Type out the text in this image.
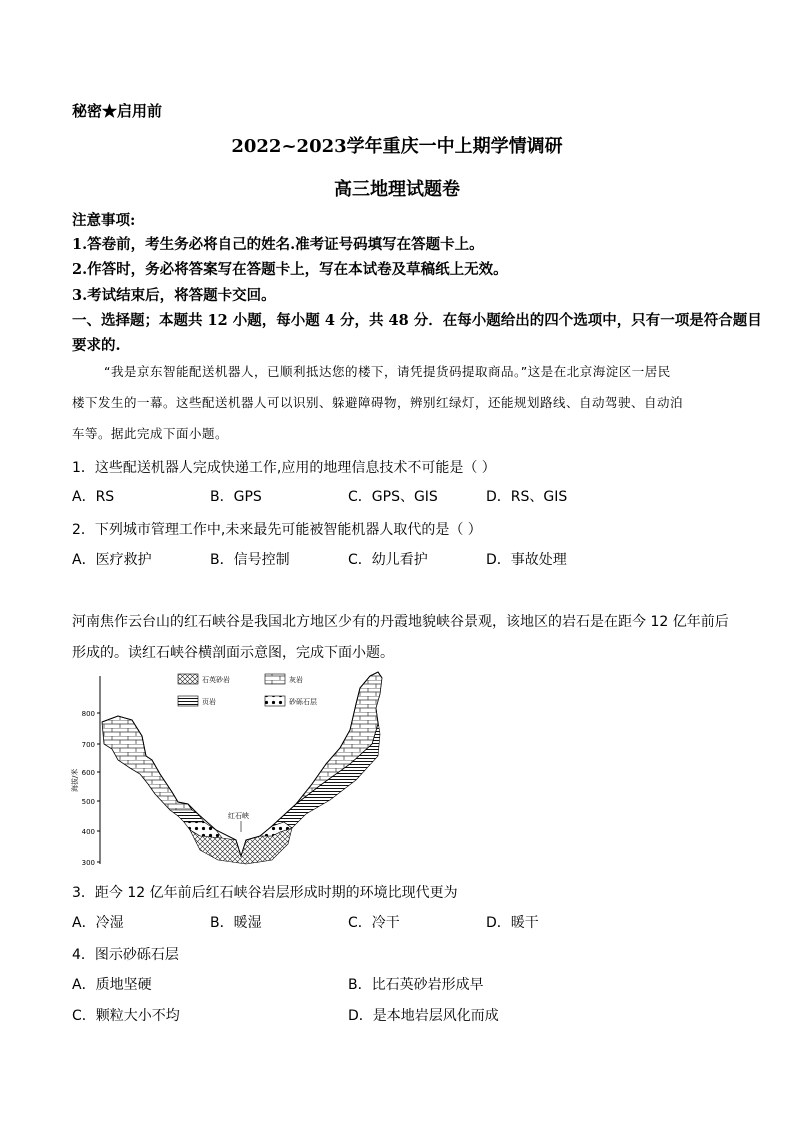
秘密★启用前
2022~2023学年重庆一中上期学情调研
高三地理试题卷
注意事项:
1.答卷前，考生务必将自己的姓名.准考证号码填写在答题卡上。
2.作答时，务必将答案写在答题卡上，写在本试卷及草稿纸上无效。
3.考试结束后，将答题卡交回。
一、选择题；本题共 12 小题，每小题 4 分，共 48 分．在每小题给出的四个选项中，只有一项是符合题目
要求的.
“我是京东智能配送机器人，已顺利抵达您的楼下，请凭提货码提取商品。”这是在北京海淀区一居民
楼下发生的一幕。这些配送机器人可以识别、躲避障碍物，辨别红绿灯，还能规划路线、自动驾驶、自动泊
车等。据此完成下面小题。
1．这些配送机器人完成快递工作,应用的地理信息技术不可能是（ ）
A．RS	B．GPS	C．GPS、GIS	D．RS、GIS
2．下列城市管理工作中,未来最先可能被智能机器人取代的是（ ）
A．医疗救护	B．信号控制	C．幼儿看护	D．事故处理
河南焦作云台山的红石峡谷是我国北方地区少有的丹霞地貌峡谷景观，该地区的岩石是在距今 12 亿年前后
形成的。读红石峡谷横剖面示意图，完成下面小题。
800
700
600
500
400
300
海拔/米
石英砂岩	灰岩
页岩	砂砾石层
红石峡
3．距今 12 亿年前后红石峡谷岩层形成时期的环境比现代更为
A．冷湿	B．暖湿	C．冷干	D．暖干
4．图示砂砾石层
A．质地坚硬	B．比石英砂岩形成早
C．颗粒大小不均	D．是本地岩层风化而成
